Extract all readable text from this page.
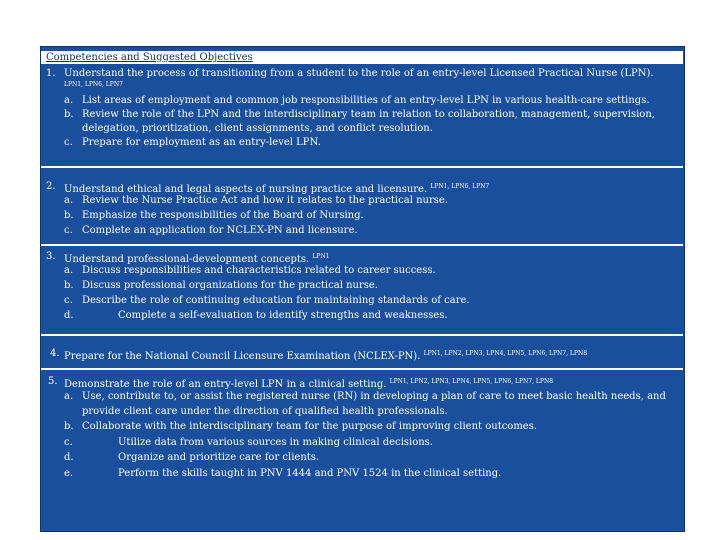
Competencies and Suggested Objectives
1. Understand the process of transitioning from a student to the role of an entry-level Licensed Practical Nurse (LPN).
LPN1, LPN6, LPN7
a. List areas of employment and common job responsibilities of an entry-level LPN in various health-care settings.
b. Review the role of the LPN and the interdisciplinary team in relation to collaboration, management, supervision,
delegation, prioritization, client assignments, and conflict resolution.
c. Prepare for employment as an entry-level LPN.
2. Understand ethical and legal aspects of nursing practice and licensure. $^{LPN1, LPN6, LPN7}$
a. Review the Nurse Practice Act and how it relates to the practical nurse.
b. Emphasize the responsibilities of the Board of Nursing.
c. Complete an application for NCLEX-PN and licensure.
3. Understand professional-development concepts. $^{LPN1}$
a. Discuss responsibilities and characteristics related to career success.
b. Discuss professional organizations for the practical nurse.
c. Describe the role of continuing education for maintaining standards of care.
d.	Complete a self-evaluation to identify strengths and weaknesses.
4. Prepare for the National Council Licensure Examination (NCLEX-PN). $^{LPN1, LPN2, LPN3, LPN4, LPN5, LPN6, LPN7, LPN8}$
5. Demonstrate the role of an entry-level LPN in a clinical setting. $^{LPN1, LPN2, LPN3, LPN4, LPN5, LPN6, LPN7, LPN8}$
a. Use, contribute to, or assist the registered nurse (RN) in developing a plan of care to meet basic health needs, and
provide client care under the direction of qualified health professionals.
b. Collaborate with the interdisciplinary team for the purpose of improving client outcomes.
c.	Utilize data from various sources in making clinical decisions.
d.	Organize and prioritize care for clients.
e.	Perform the skills taught in PNV 1444 and PNV 1524 in the clinical setting.
